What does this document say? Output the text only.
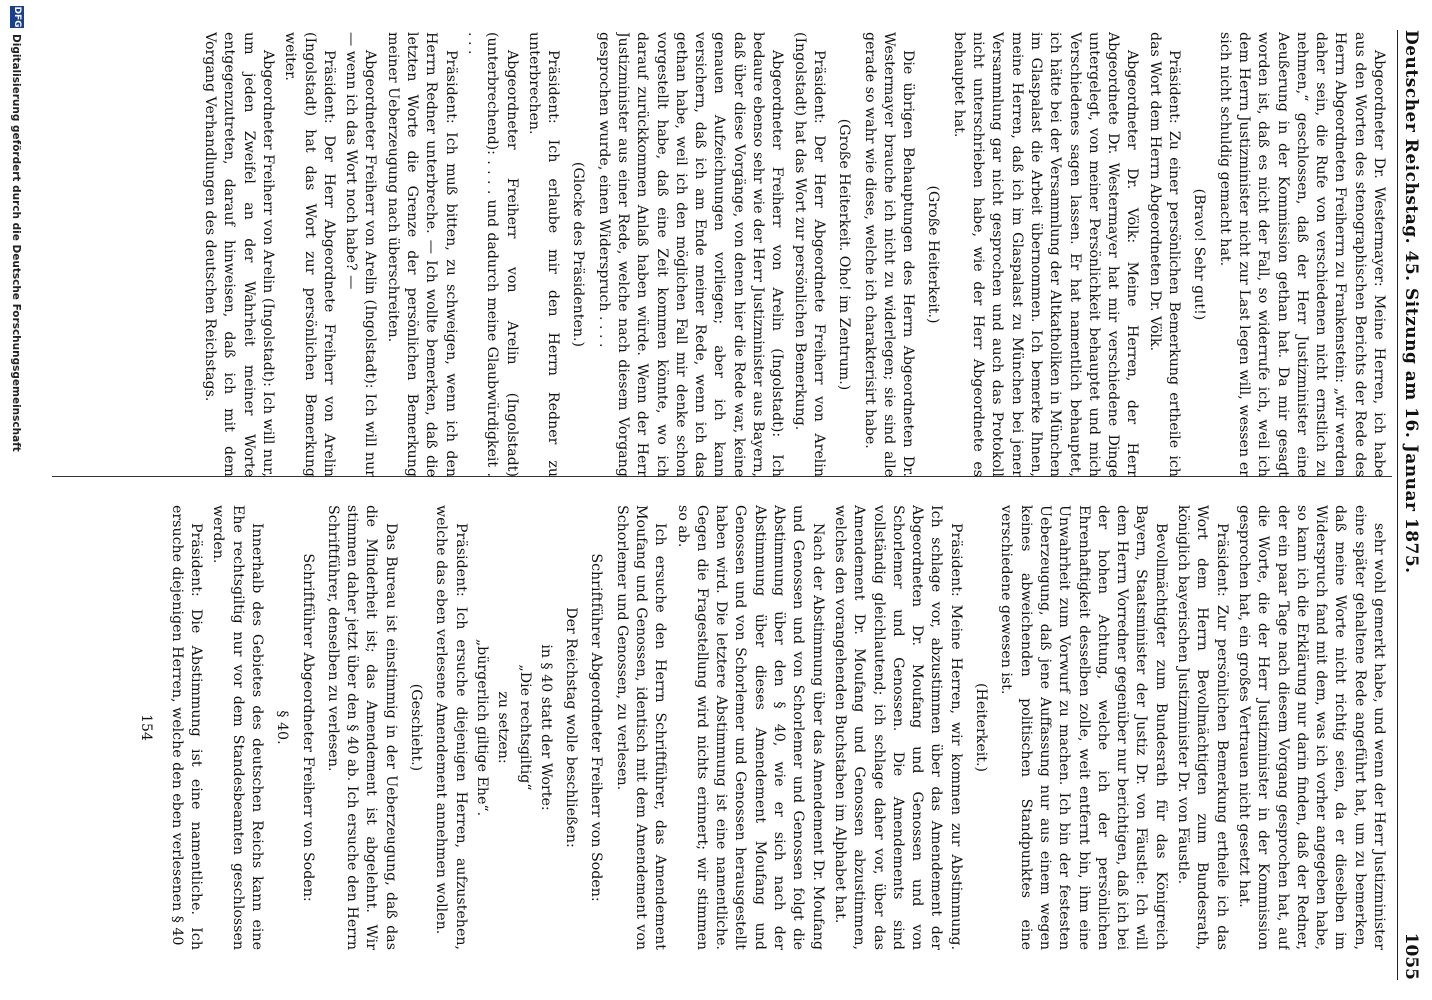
Deutscher Reichstag. 45. Sitzung am 16. Januar 1875.
1055

Abgeordneter Dr. Westermayer: Meine Herren, ich habe aus den Worten des stenographischen Berichts der Rede des Herrn Abgeordneten Freiherrn zu Frankenstein: „wir werden daher sein, die Rufe von verschiedenen nicht ernstlich zu nehmen,“ geschlossen, daß der Herr Justizminister eine Aeußerung in der Kommission gethan hat. Da mir gesagt worden ist, daß es nicht der Fall, so widerrufe ich, weil ich dem Herrn Justizminister nicht zur Last legen will, wessen er sich nicht schuldig gemacht hat.

(Bravo! Sehr gut!)

Präsident: Zu einer persönlichen Bemerkung ertheile ich das Wort dem Herrn Abgeordneten Dr. Völk.

Abgeordneter Dr. Völk: Meine Herren, der Herr Abgeordnete Dr. Westermayer hat mir verschiedene Dinge untergelegt, von meiner Persönlichkeit behauptet und mich Verschiedenes sagen lassen. Er hat namentlich behauptet, ich hätte bei der Versammlung der Altkatholiken in München im Glaspalast die Arbeit übernommen. Ich bemerke Ihnen, meine Herren, daß ich im Glaspalast zu München bei jener Versammlung gar nicht gesprochen und auch das Protokoll nicht unterschrieben habe, wie der Herr Abgeordnete es behauptet hat.

(Große Heiterkeit.)

Die übrigen Behauptungen des Herrn Abgeordneten Dr. Westermayer brauche ich nicht zu widerlegen; sie sind alle gerade so wahr wie diese, welche ich charakterisirt habe.

(Große Heiterkeit. Oho! im Zentrum.)

Präsident: Der Herr Abgeordnete Freiherr von Arelin (Ingolstadt) hat das Wort zur persönlichen Bemerkung.

Abgeordneter Freiherr von Arelin (Ingolstadt): Ich bedaure ebenso sehr wie der Herr Justizminister aus Bayern, daß über diese Vorgänge, von denen hier die Rede war, keine genauen Aufzeichnungen vorliegen; aber ich kann versichern, daß ich am Ende meiner Rede, wenn ich das gethan habe, weil ich den möglichen Fall mir denke schon vorgestellt habe, daß eine Zeit kommen könnte, wo ich darauf zurückkommen Anlaß haben würde. Wenn der Herr Justizminister aus einer Rede, welche nach diesem Vorgang gesprochen wurde, einen Widerspruch . . . .

(Glocke des Präsidenten.)

Präsident: Ich erlaube mir den Herrn Redner zu unterbrechen.

Abgeordneter Freiherr von Arelin (Ingolstadt) (unterbrechend): . . . . und dadurch meine Glaubwürdigkeit . . . .

Präsident: Ich muß bitten, zu schweigen, wenn ich den Herrn Redner unterbreche. — Ich wollte bemerken, daß die letzten Worte die Grenze der persönlichen Bemerkung meiner Ueberzeugung nach überschreiten.

Abgeordneter Freiherr von Arelin (Ingolstadt): Ich will nur — wenn ich das Wort noch habe? —

Präsident: Der Herr Abgeordnete Freiherr von Arelin (Ingolstadt) hat das Wort zur persönlichen Bemerkung weiter.

Abgeordneter Freiherr von Arelin (Ingolstadt): Ich will nur, um jeden Zweifel an der Wahrheit meiner Worte entgegenzutreten, darauf hinweisen, daß ich mit dem Vorgang Verhandlungen des deutschen Reichstags.

sehr wohl gemerkt habe, und wenn der Herr Justizminister eine später gehaltene Rede angeführt hat, um zu bemerken, daß meine Worte nicht richtig seien, da er dieselben im Widerspruch fand mit dem, was ich vorher angegeben habe, so kann ich die Erklärung nur darin finden, daß der Redner, der ein paar Tage nach diesem Vorgang gesprochen hat, auf die Worte, die der Herr Justizminister in der Kommission gesprochen hat, ein großes Vertrauen nicht gesetzt hat.

Präsident: Zur persönlichen Bemerkung ertheile ich das Wort dem Herrn Bevollmächtigten zum Bundesrath, königlich bayerischen Justizminister Dr. von Fäustle.

Bevollmächtigter zum Bundesrath für das Königreich Bayern, Staatsminister der Justiz Dr. von Fäustle: Ich will dem Herrn Vorredner gegenüber nur berichtigen, daß ich bei der hohen Achtung, welche ich der persönlichen Ehrenhaftigkeit desselben zolle, weit entfernt bin, ihm eine Unwahrheit zum Vorwurf zu machen. Ich bin der festesten Ueberzeugung, daß jene Auffassung nur aus einem wegen keines abweichenden politischen Standpunktes eine verschiedene gewesen ist.

(Heiterkeit.)

Präsident: Meine Herren, wir kommen zur Abstimmung. Ich schlage vor, abzustimmen über das Amendement der Abgeordneten Dr. Moufang und Genossen und von Schorlemer und Genossen. Die Amendements sind vollständig gleichlautend; ich schlage daher vor, über das Amendement Dr. Moufang und Genossen abzustimmen, welches den vorangehenden Buchstaben im Alphabet hat.

Nach der Abstimmung über das Amendement Dr. Moufang und Genossen und von Schorlemer und Genossen folgt die Abstimmung über den § 40, wie er sich nach der Abstimmung über dieses Amendement Moufang und Genossen und von Schorlemer und Genossen herausgestellt haben wird. Die letztere Abstimmung ist eine namentliche. Gegen die Fragestellung wird nichts erinnert; wir stimmen so ab.

Ich ersuche den Herrn Schriftführer, das Amendement Moufang und Genossen, identisch mit dem Amendement von Schorlemer und Genossen, zu verlesen.

Schriftführer Abgeordneter Freiherr von Soden:

Der Reichstag wolle beschließen:

in § 40 statt der Worte:

„Die rechtsgiltig“

zu setzen:

„bürgerlich giltige Ehe“.

Präsident: Ich ersuche diejenigen Herren, aufzustehen, welche das eben verlesene Amendement annehmen wollen.

(Geschieht.)

Das Bureau ist einstimmig in der Ueberzeugung, daß das die Minderheit ist; das Amendement ist abgelehnt. Wir stimmen daher jetzt über den § 40 ab. Ich ersuche den Herrn Schriftführer, denselben zu verlesen.

Schriftführer Abgeordneter Freiherr von Soden:

§ 40.

Innerhalb des Gebietes des deutschen Reichs kann eine Ehe rechtsgiltig nur vor dem Standesbeamten geschlossen werden.

Präsident: Die Abstimmung ist eine namentliche. Ich ersuche diejenigen Herren, welche den eben verlesenen § 40

154
DFG
Digitalisierung gefördert durch die Deutsche Forschungsgemeinschaft
